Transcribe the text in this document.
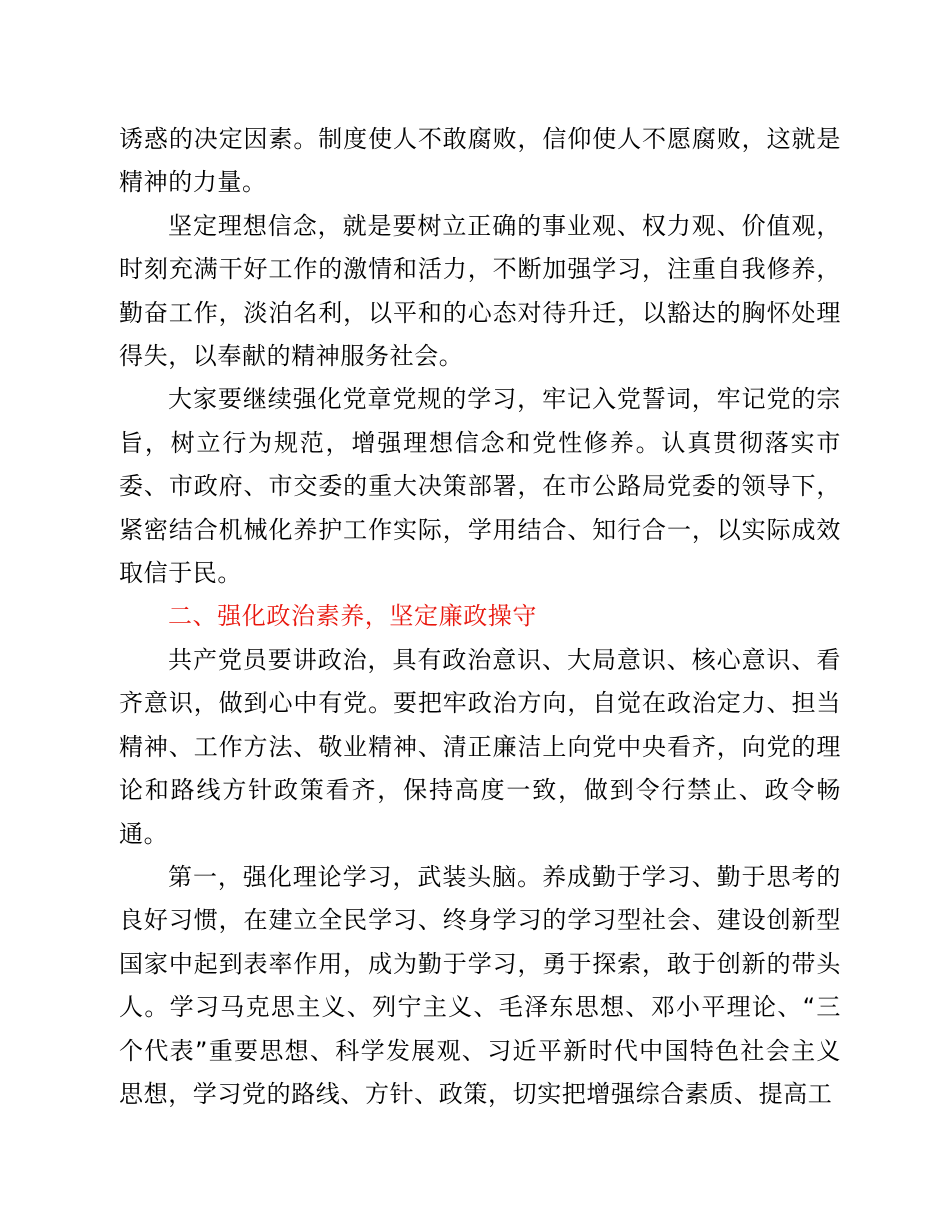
诱惑的决定因素。制度使人不敢腐败，信仰使人不愿腐败，这就是精神的力量。

坚定理想信念，就是要树立正确的事业观、权力观、价值观，时刻充满干好工作的激情和活力，不断加强学习，注重自我修养，勤奋工作，淡泊名利，以平和的心态对待升迁，以豁达的胸怀处理得失，以奉献的精神服务社会。

大家要继续强化党章党规的学习，牢记入党誓词，牢记党的宗旨，树立行为规范，增强理想信念和党性修养。认真贯彻落实市委、市政府、市交委的重大决策部署，在市公路局党委的领导下，紧密结合机械化养护工作实际，学用结合、知行合一，以实际成效取信于民。

二、强化政治素养，坚定廉政操守

共产党员要讲政治，具有政治意识、大局意识、核心意识、看齐意识，做到心中有党。要把牢政治方向，自觉在政治定力、担当精神、工作方法、敬业精神、清正廉洁上向党中央看齐，向党的理论和路线方针政策看齐，保持高度一致，做到令行禁止、政令畅通。

第一，强化理论学习，武装头脑。养成勤于学习、勤于思考的良好习惯，在建立全民学习、终身学习的学习型社会、建设创新型国家中起到表率作用，成为勤于学习，勇于探索，敢于创新的带头人。学习马克思主义、列宁主义、毛泽东思想、邓小平理论、“三个代表”重要思想、科学发展观、习近平新时代中国特色社会主义思想，学习党的路线、方针、政策，切实把增强综合素质、提高工
